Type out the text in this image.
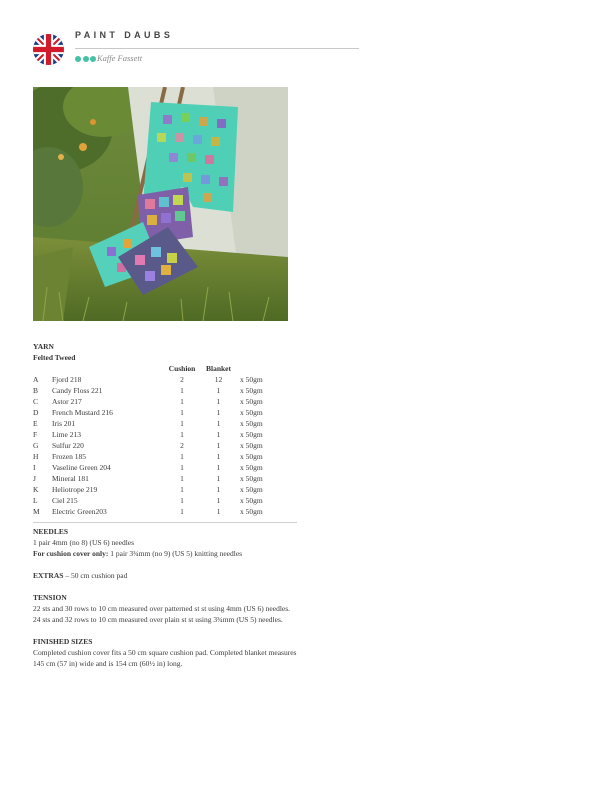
PAINT DAUBS
Kaffe Fassett
YARN
Felted Tweed
		Cushion	Blanket	
A	Fjord 218	2	12	x 50gm
B	Candy Floss 221	1	1	x 50gm
C	Astor 217	1	1	x 50gm
D	French Mustard 216	1	1	x 50gm
E	Iris 201	1	1	x 50gm
F	Lime 213	1	1	x 50gm
G	Sulfur 220	2	1	x 50gm
H	Frozen 185	1	1	x 50gm
I	Vaseline Green 204	1	1	x 50gm
J	Mineral 181	1	1	x 50gm
K	Heliotrope 219	1	1	x 50gm
L	Ciel 215	1	1	x 50gm
M	Electric Green203	1	1	x 50gm
NEEDLES
1 pair 4mm (no 8) (US 6) needles
For cushion cover only: 1 pair 3¾mm (no 9) (US 5) knitting needles
EXTRAS – 50 cm cushion pad
TENSION
22 sts and 30 rows to 10 cm measured over patterned st st using 4mm (US 6) needles. 24 sts and 32 rows to 10 cm measured over plain st st using 3¾mm (US 5) needles.
FINISHED SIZES
Completed cushion cover fits a 50 cm square cushion pad. Completed blanket measures 145 cm (57 in) wide and is 154 cm (60½ in) long.
